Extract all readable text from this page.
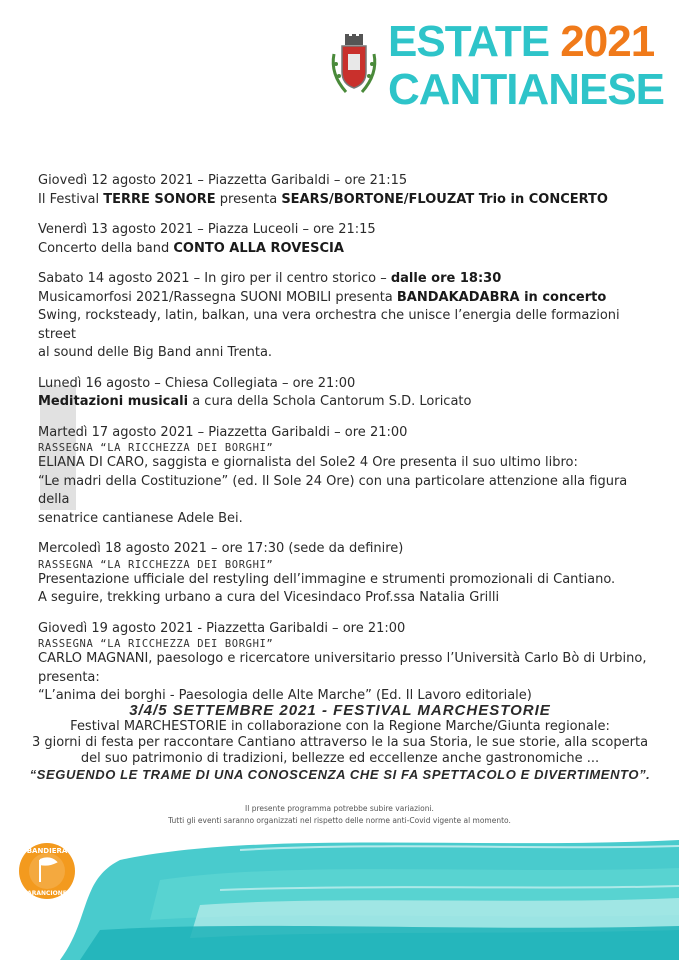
ESTATE 2021
CANTIANESE

Giovedì 12 agosto 2021 – Piazzetta Garibaldi – ore 21:15

Il Festival TERRE SONORE presenta SEARS/BORTONE/FLOUZAT Trio in CONCERTO

Venerdì 13 agosto 2021 – Piazza Luceoli – ore 21:15

Concerto della band CONTO ALLA ROVESCIA

Sabato 14 agosto 2021 – In giro per il centro storico – dalle ore 18:30

Musicamorfosi 2021/Rassegna SUONI MOBILI presenta BANDAKADABRA in concerto

Swing, rocksteady, latin, balkan, una vera orchestra che unisce l’energia delle formazioni street

al sound delle Big Band anni Trenta.

Lunedì 16 agosto – Chiesa Collegiata – ore 21:00

Meditazioni musicali a cura della Schola Cantorum S.D. Loricato

Martedì 17 agosto 2021 – Piazzetta Garibaldi – ore 21:00

RASSEGNA “LA RICCHEZZA DEI BORGHI”

ELIANA DI CARO, saggista e giornalista del Sole2 4 Ore presenta il suo ultimo libro:

“Le madri della Costituzione” (ed. Il Sole 24 Ore) con una particolare attenzione alla figura della

senatrice cantianese Adele Bei.

Mercoledì 18 agosto 2021 – ore 17:30 (sede da definire)

RASSEGNA “LA RICCHEZZA DEI BORGHI”

Presentazione ufficiale del restyling dell’immagine e strumenti promozionali di Cantiano.

A seguire, trekking urbano a cura del Vicesindaco Prof.ssa Natalia Grilli

Giovedì 19 agosto 2021 - Piazzetta Garibaldi – ore 21:00

RASSEGNA “LA RICCHEZZA DEI BORGHI”

CARLO MAGNANI, paesologo e ricercatore universitario presso l’Università Carlo Bò di Urbino,

presenta:

“L’anima dei borghi - Paesologia delle Alte Marche” (Ed. Il Lavoro editoriale)

3/4/5 SETTEMBRE 2021 - FESTIVAL MARCHESTORIE

Festival MARCHESTORIE in collaborazione con la Regione Marche/Giunta regionale:

3 giorni di festa per raccontare Cantiano attraverso le la sua Storia, le sue storie, alla scoperta

del suo patrimonio di tradizioni, bellezze ed eccellenze anche gastronomiche ...

“SEGUENDO LE TRAME DI UNA CONOSCENZA CHE SI FA SPETTACOLO E DIVERTIMENTO”.

Il presente programma potrebbe subire variazioni.

Tutti gli eventi saranno organizzati nel rispetto delle norme anti-Covid vigente al momento.

BANDIERA
ARANCIONE
